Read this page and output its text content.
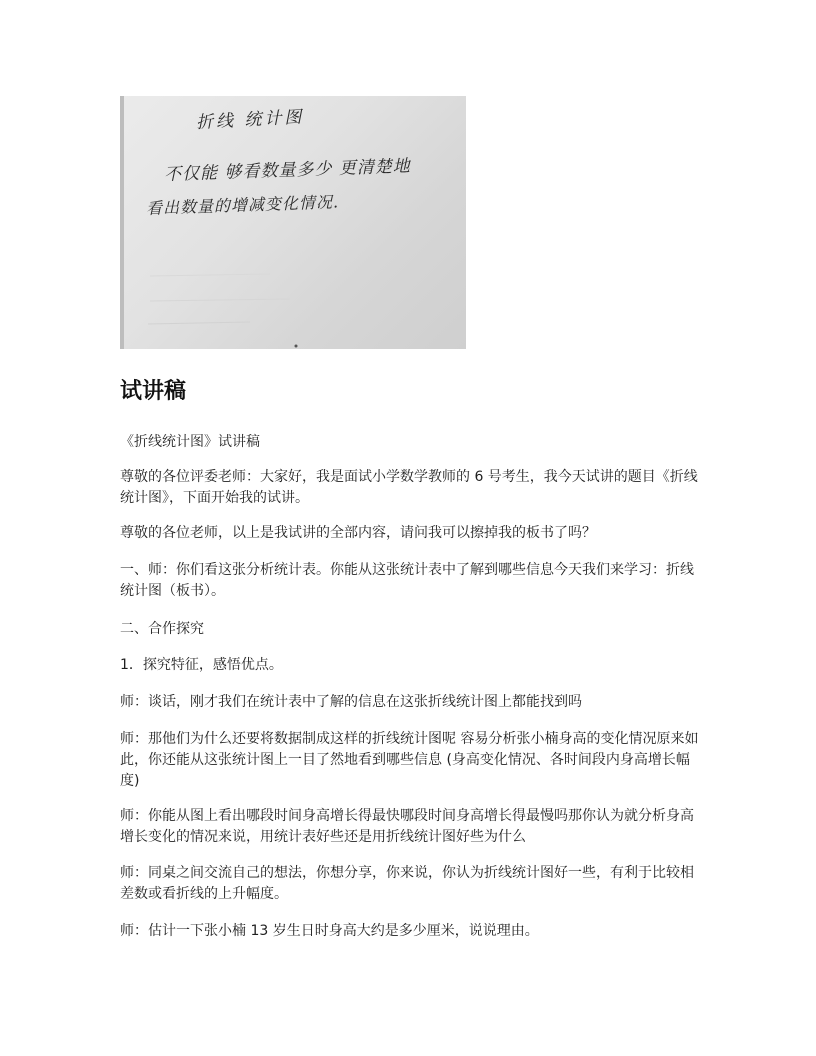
折线 统计图
不仅能 够看数量多少 更清楚地
看出数量的增减变化情况.
试讲稿

《折线统计图》试讲稿

尊敬的各位评委老师：大家好，我是面试小学数学教师的 6 号考生，我今天试讲的题目《折线统计图》，下面开始我的试讲。

尊敬的各位老师，以上是我试讲的全部内容，请问我可以擦掉我的板书了吗？

一、师：你们看这张分析统计表。你能从这张统计表中了解到哪些信息今天我们来学习：折线统计图（板书）。

二、合作探究

1．探究特征，感悟优点。

师：谈话，刚才我们在统计表中了解的信息在这张折线统计图上都能找到吗

师：那他们为什么还要将数据制成这样的折线统计图呢 容易分析张小楠身高的变化情况原来如此，你还能从这张统计图上一目了然地看到哪些信息 (身高变化情况、各时间段内身高增长幅度)

师：你能从图上看出哪段时间身高增长得最快哪段时间身高增长得最慢吗那你认为就分析身高增长变化的情况来说，用统计表好些还是用折线统计图好些为什么

师：同桌之间交流自己的想法，你想分享，你来说，你认为折线统计图好一些，有利于比较相差数或看折线的上升幅度。

师：估计一下张小楠 13 岁生日时身高大约是多少厘米，说说理由。
